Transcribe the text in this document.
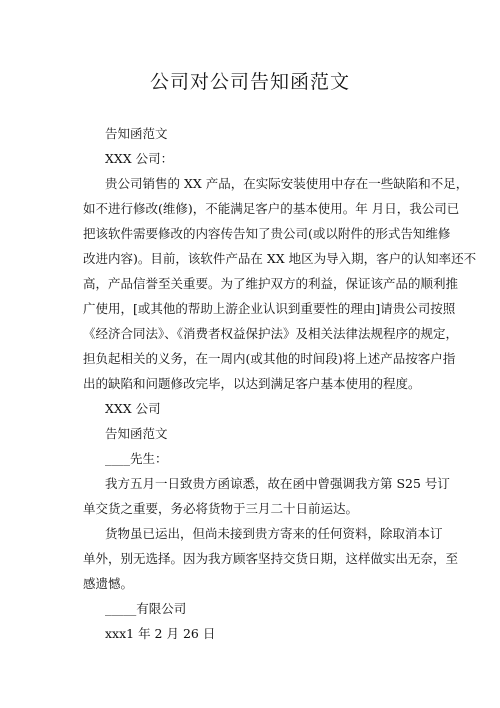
公司对公司告知函范文
告知函范文
XXX 公司：
贵公司销售的 XX 产品，在实际安装使用中存在一些缺陷和不足，
如不进行修改(维修)，不能满足客户的基本使用。年 月日，我公司已
把该软件需要修改的内容传告知了贵公司(或以附件的形式告知维修
改进内容)。目前，该软件产品在 XX 地区为导入期，客户的认知率还不
高，产品信誉至关重要。为了维护双方的利益，保证该产品的顺利推
广使用，[或其他的帮助上游企业认识到重要性的理由]请贵公司按照
《经济合同法》、《消费者权益保护法》及相关法律法规程序的规定，
担负起相关的义务，在一周内(或其他的时间段)将上述产品按客户指
出的缺陷和问题修改完毕，以达到满足客户基本使用的程度。
XXX 公司
告知函范文
____先生：
我方五月一日致贵方函谅悉，故在函中曾强调我方第 S25 号订
单交货之重要，务必将货物于三月二十日前运达。
货物虽已运出，但尚未接到贵方寄来的任何资料，除取消本订
单外，别无选择。因为我方顾客坚持交货日期，这样做实出无奈，至
感遗憾。
_____有限公司
xxx1 年 2 月 26 日
